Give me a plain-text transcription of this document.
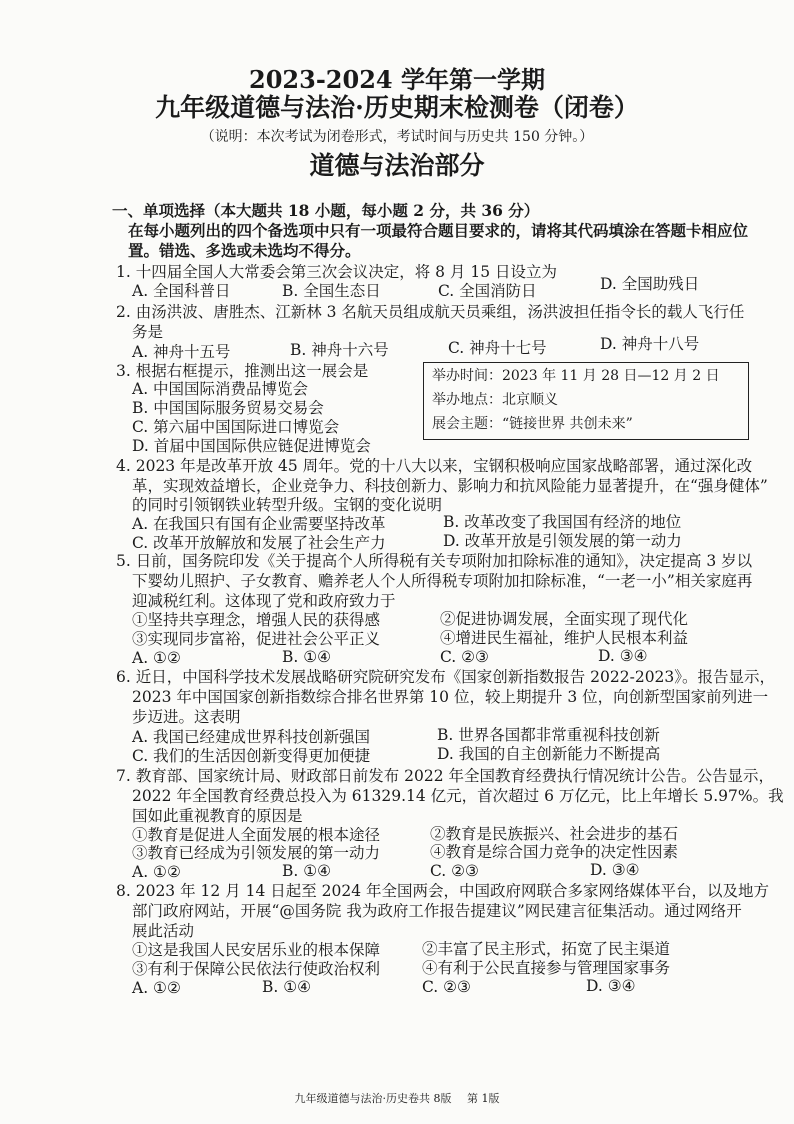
2023-2024 学年第一学期
九年级道德与法治·历史期末检测卷（闭卷）
（说明：本次考试为闭卷形式，考试时间与历史共 150 分钟。）
道德与法治部分
一、单项选择（本大题共 18 小题，每小题 2 分，共 36 分）
在每小题列出的四个备选项中只有一项最符合题目要求的，请将其代码填涂在答题卡相应位
置。错选、多选或未选均不得分。
1. 十四届全国人大常委会第三次会议决定，将 8 月 15 日设立为
A. 全国科普日	B. 全国生态日	C. 全国消防日	D. 全国助残日
2. 由汤洪波、唐胜杰、江新林 3 名航天员组成航天员乘组，汤洪波担任指令长的载人飞行任
务是
A. 神舟十五号	B. 神舟十六号	C. 神舟十七号	D. 神舟十八号
3. 根据右框提示，推测出这一展会是
A. 中国国际消费品博览会
B. 中国国际服务贸易交易会
C. 第六届中国国际进口博览会
D. 首届中国国际供应链促进博览会
举办时间：2023 年 11 月 28 日—12 月 2 日
举办地点：北京顺义
展会主题：“链接世界 共创未来”
4. 2023 年是改革开放 45 周年。党的十八大以来，宝钢积极响应国家战略部署，通过深化改
革，实现效益增长，企业竞争力、科技创新力、影响力和抗风险能力显著提升，在“强身健体”
的同时引领钢铁业转型升级。宝钢的变化说明
A. 在我国只有国有企业需要坚持改革	B. 改革改变了我国国有经济的地位
C. 改革开放解放和发展了社会生产力	D. 改革开放是引领发展的第一动力
5. 日前，国务院印发《关于提高个人所得税有关专项附加扣除标准的通知》，决定提高 3 岁以
下婴幼儿照护、子女教育、赡养老人个人所得税专项附加扣除标准，“一老一小”相关家庭再
迎减税红利。这体现了党和政府致力于
①坚持共享理念，增强人民的获得感	②促进协调发展，全面实现了现代化
③实现同步富裕，促进社会公平正义	④增进民生福祉，维护人民根本利益
A. ①②	B. ①④	C. ②③	D. ③④
6. 近日，中国科学技术发展战略研究院研究发布《国家创新指数报告 2022-2023》。报告显示，
2023 年中国国家创新指数综合排名世界第 10 位，较上期提升 3 位，向创新型国家前列进一
步迈进。这表明
A. 我国已经建成世界科技创新强国	B. 世界各国都非常重视科技创新
C. 我们的生活因创新变得更加便捷	D. 我国的自主创新能力不断提高
7. 教育部、国家统计局、财政部日前发布 2022 年全国教育经费执行情况统计公告。公告显示，
2022 年全国教育经费总投入为 61329.14 亿元，首次超过 6 万亿元，比上年增长 5.97%。我
国如此重视教育的原因是
①教育是促进人全面发展的根本途径	②教育是民族振兴、社会进步的基石
③教育已经成为引领发展的第一动力	④教育是综合国力竞争的决定性因素
A. ①②	B. ①④	C. ②③	D. ③④
8. 2023 年 12 月 14 日起至 2024 年全国两会，中国政府网联合多家网络媒体平台，以及地方
部门政府网站，开展“@国务院 我为政府工作报告提建议”网民建言征集活动。通过网络开
展此活动
①这是我国人民安居乐业的根本保障	②丰富了民主形式，拓宽了民主渠道
③有利于保障公民依法行使政治权利	④有利于公民直接参与管理国家事务
A. ①②	B. ①④	C. ②③	D. ③④
九年级道德与法治·历史卷共 8版 第 1版
